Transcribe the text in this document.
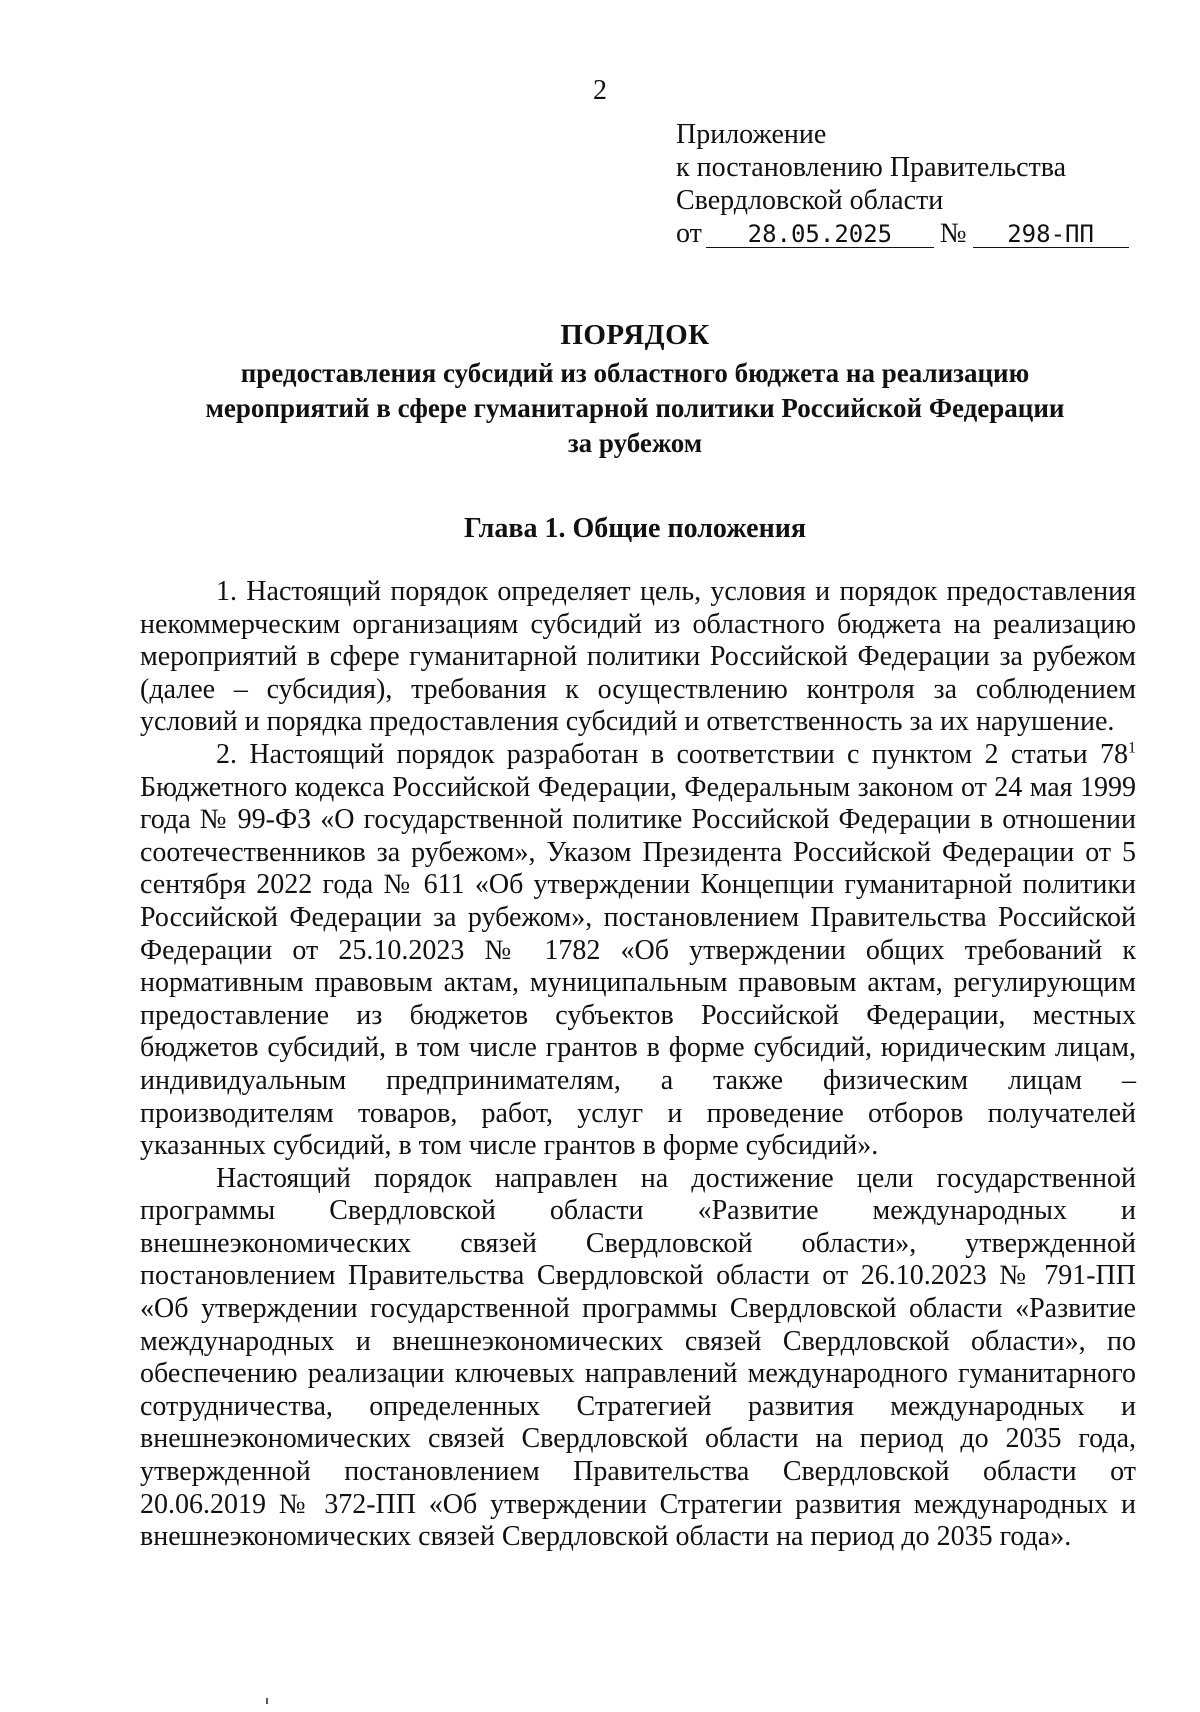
2
Приложение
к постановлению Правительства
Свердловской области
от 28.05.2025 № 298-ПП
ПОРЯДОК
предоставления субсидий из областного бюджета на реализацию
мероприятий в сфере гуманитарной политики Российской Федерации
за рубежом
Глава 1. Общие положения

1. Настоящий порядок определяет цель, условия и порядок предоставления некоммерческим организациям субсидий из областного бюджета на реализацию мероприятий в сфере гуманитарной политики Российской Федерации за рубежом (далее – субсидия), требования к осуществлению контроля за соблюдением условий и порядка предоставления субсидий и ответственность за их нарушение.

2. Настоящий порядок разработан в соответствии с пунктом 2 статьи $78^1$ Бюджетного кодекса Российской Федерации, Федеральным законом от 24 мая 1999 года № 99-ФЗ «О государственной политике Российской Федерации в отношении соотечественников за рубежом», Указом Президента Российской Федерации от 5 сентября 2022 года № 611 «Об утверждении Концепции гуманитарной политики Российской Федерации за рубежом», постановлением Правительства Российской Федерации от 25.10.2023 № 1782 «Об утверждении общих требований к нормативным правовым актам, муниципальным правовым актам, регулирующим предоставление из бюджетов субъектов Российской Федерации, местных бюджетов субсидий, в том числе грантов в форме субсидий, юридическим лицам, индивидуальным предпринимателям, а также физическим лицам – производителям товаров, работ, услуг и проведение отборов получателей указанных субсидий, в том числе грантов в форме субсидий».

Настоящий порядок направлен на достижение цели государственной программы Свердловской области «Развитие международных и внешнеэкономических связей Свердловской области», утвержденной постановлением Правительства Свердловской области от 26.10.2023 № 791-ПП «Об утверждении государственной программы Свердловской области «Развитие международных и внешнеэкономических связей Свердловской области», по обеспечению реализации ключевых направлений международного гуманитарного сотрудничества, определенных Стратегией развития международных и внешнеэкономических связей Свердловской области на период до 2035 года, утвержденной постановлением Правительства Свердловской области от 20.06.2019 № 372-ПП «Об утверждении Стратегии развития международных и внешнеэкономических связей Свердловской области на период до 2035 года».
